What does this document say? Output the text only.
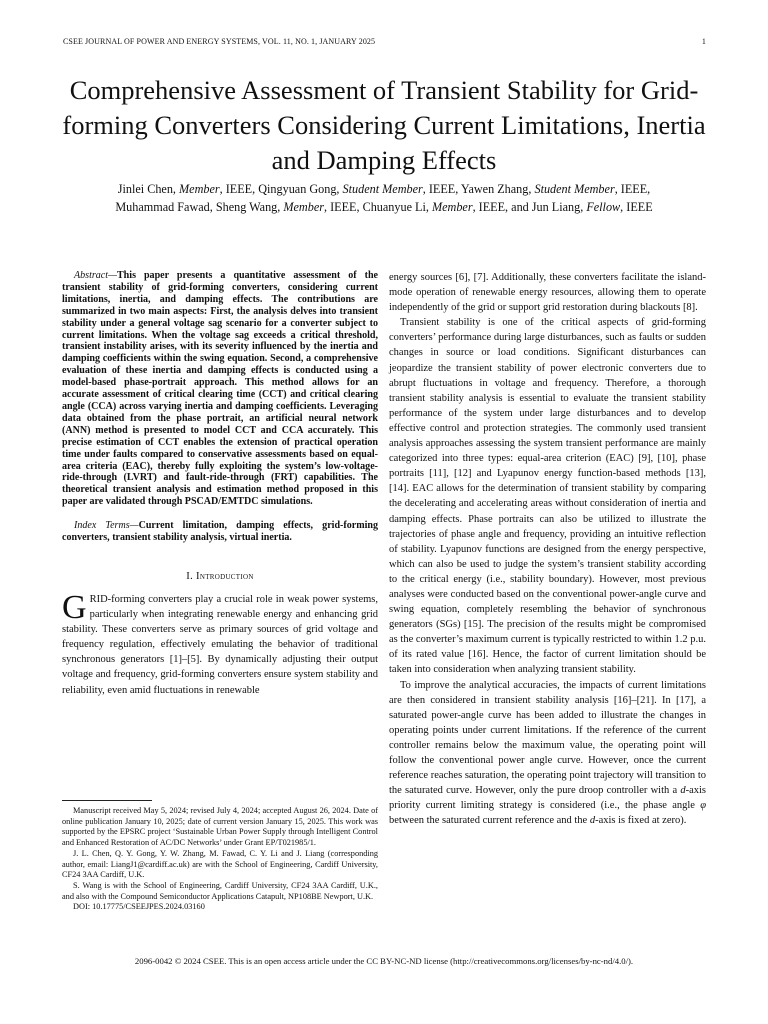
CSEE JOURNAL OF POWER AND ENERGY SYSTEMS, VOL. 11, NO. 1, JANUARY 2025	1
Comprehensive Assessment of Transient Stability for Grid-forming Converters Considering Current Limitations, Inertia and Damping Effects
Jinlei Chen, Member, IEEE, Qingyuan Gong, Student Member, IEEE, Yawen Zhang, Student Member, IEEE,
Muhammad Fawad, Sheng Wang, Member, IEEE, Chuanyue Li, Member, IEEE, and Jun Liang, Fellow, IEEE

Abstract—This paper presents a quantitative assessment of the transient stability of grid-forming converters, considering current limitations, inertia, and damping effects. The contributions are summarized in two main aspects: First, the analysis delves into transient stability under a general voltage sag scenario for a converter subject to current limitations. When the voltage sag exceeds a critical threshold, transient instability arises, with its severity influenced by the inertia and damping coefficients within the swing equation. Second, a comprehensive evaluation of these inertia and damping effects is conducted using a model-based phase-portrait approach. This method allows for an accurate assessment of critical clearing time (CCT) and critical clearing angle (CCA) across varying inertia and damping coefficients. Leveraging data obtained from the phase portrait, an artificial neural network (ANN) method is presented to model CCT and CCA accurately. This precise estimation of CCT enables the extension of practical operation time under faults compared to conservative assessments based on equal-area criteria (EAC), thereby fully exploiting the system’s low-voltage-ride-through (LVRT) and fault-ride-through (FRT) capabilities. The theoretical transient analysis and estimation method proposed in this paper are validated through PSCAD/EMTDC simulations.

Index Terms—Current limitation, damping effects, grid-forming converters, transient stability analysis, virtual inertia.

I. Introduction

GRID-forming converters play a crucial role in weak power systems, particularly when integrating renewable energy and enhancing grid stability. These converters serve as primary sources of grid voltage and frequency regulation, effectively emulating the behavior of traditional synchronous generators [1]–[5]. By dynamically adjusting their output voltage and frequency, grid-forming converters ensure system stability and reliability, even amid fluctuations in renewable

Manuscript received May 5, 2024; revised July 4, 2024; accepted August 26, 2024. Date of online publication January 10, 2025; date of current version January 15, 2025. This work was supported by the EPSRC project ‘Sustainable Urban Power Supply through Intelligent Control and Enhanced Restoration of AC/DC Networks’ under Grant EP/T021985/1.

J. L. Chen, Q. Y. Gong, Y. W. Zhang, M. Fawad, C. Y. Li and J. Liang (corresponding author, email: LiangJ1@cardiff.ac.uk) are with the School of Engineering, Cardiff University, CF24 3AA Cardiff, U.K.

S. Wang is with the School of Engineering, Cardiff University, CF24 3AA Cardiff, U.K., and also with the Compound Semiconductor Applications Catapult, NP108BE Newport, U.K.

DOI: 10.17775/CSEEJPES.2024.03160

energy sources [6], [7]. Additionally, these converters facilitate the island-mode operation of renewable energy resources, allowing them to operate independently of the grid or support grid restoration during blackouts [8].

Transient stability is one of the critical aspects of grid-forming converters’ performance during large disturbances, such as faults or sudden changes in source or load conditions. Significant disturbances can jeopardize the transient stability of power electronic converters due to abrupt fluctuations in voltage and frequency. Therefore, a thorough transient stability analysis is essential to evaluate the transient stability performance of the system under large disturbances and to develop effective control and protection strategies. The commonly used transient analysis approaches assessing the system transient performance are mainly categorized into three types: equal-area criterion (EAC) [9], [10], phase portraits [11], [12] and Lyapunov energy function-based methods [13], [14]. EAC allows for the determination of transient stability by comparing the decelerating and accelerating areas without consideration of inertia and damping effects. Phase portraits can also be utilized to illustrate the trajectories of phase angle and frequency, providing an intuitive reflection of stability. Lyapunov functions are designed from the energy perspective, which can also be used to judge the system’s transient stability according to the critical energy (i.e., stability boundary). However, most previous analyses were conducted based on the conventional power-angle curve and swing equation, completely resembling the behavior of synchronous generators (SGs) [15]. The precision of the results might be compromised as the converter’s maximum current is typically restricted to within 1.2 p.u. of its rated value [16]. Hence, the factor of current limitation should be taken into consideration when analyzing transient stability.

To improve the analytical accuracies, the impacts of current limitations are then considered in transient stability analysis [16]–[21]. In [17], a saturated power-angle curve has been added to illustrate the changes in operating points under current limitations. If the reference of the current controller remains below the maximum value, the operating point will follow the conventional power angle curve. However, once the current reference reaches saturation, the operating point trajectory will transition to the saturated curve. However, only the pure droop controller with a d-axis priority current limiting strategy is considered (i.e., the phase angle φ between the saturated current reference and the d-axis is fixed at zero).

2096-0042 © 2024 CSEE. This is an open access article under the CC BY-NC-ND license (http://creativecommons.org/licenses/by-nc-nd/4.0/).
